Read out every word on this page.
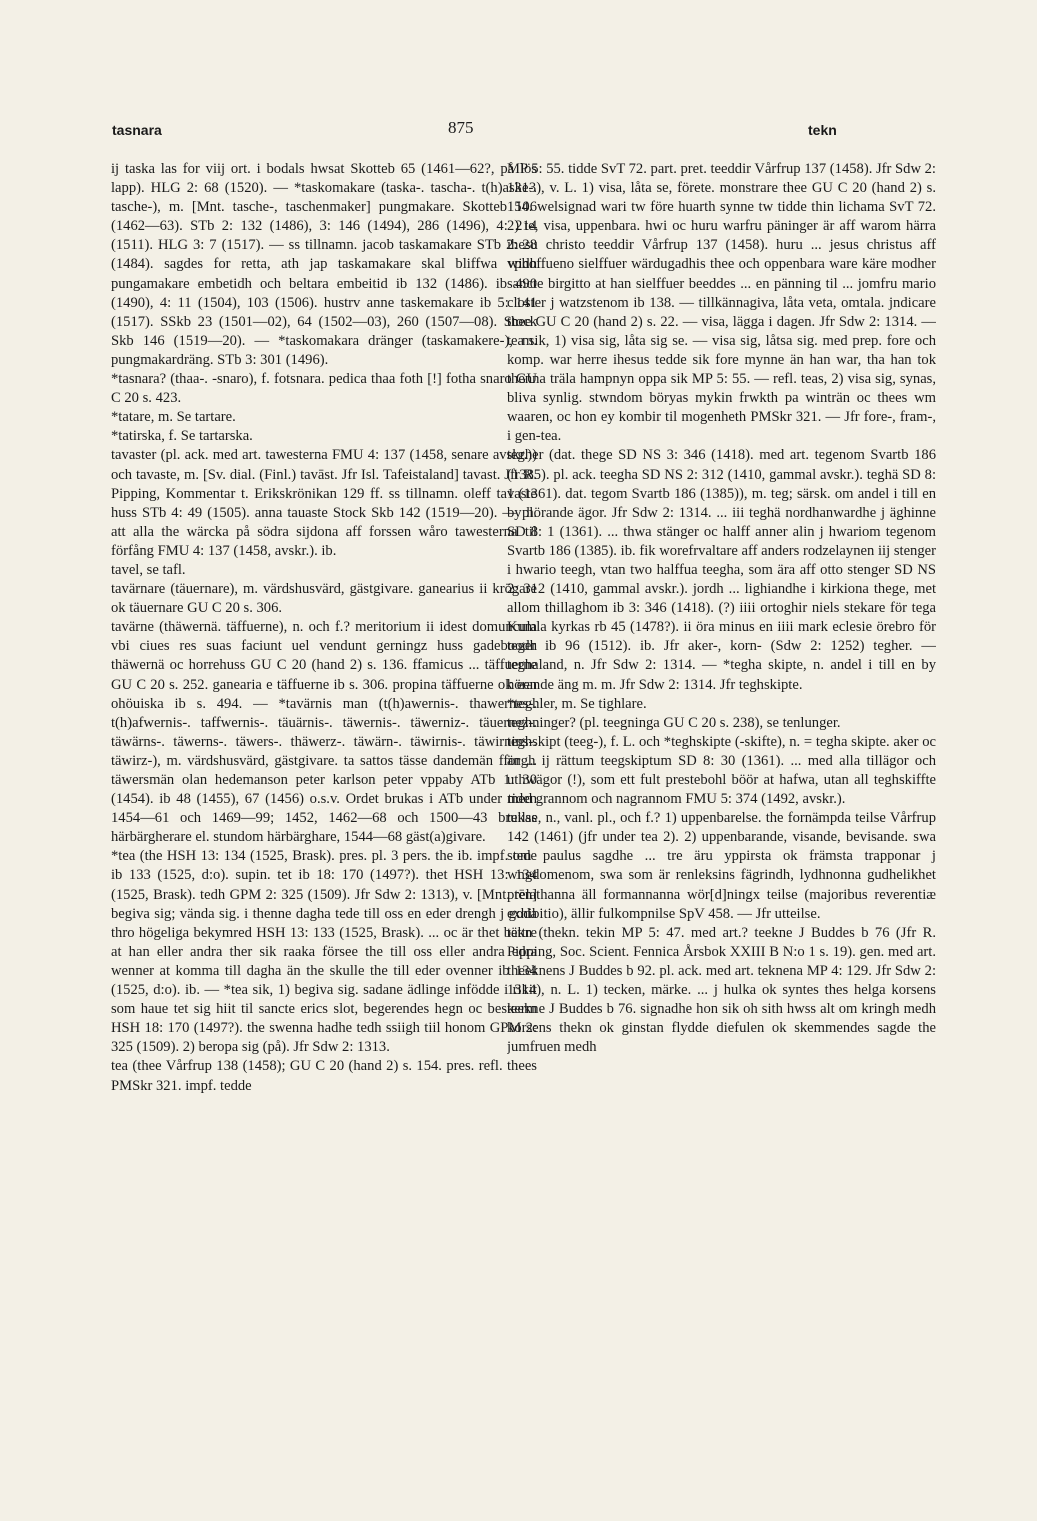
tasnara	875	tekn

ij taska las for viij ort. i bodals hwsat Skotteb 65 (1461—62?, på lös lapp). HLG 2: 68 (1520). — *taskomakare (taska-. tascha-. t(h)aske-. tasche-), m. [Mnt. tasche-, taschenmaker] pungmakare. Skotteb 106 (1462—63). STb 2: 132 (1486), 3: 146 (1494), 286 (1496), 4: 214 (1511). HLG 3: 7 (1517). — ss tillnamn. jacob taskamakare STb 2: 28 (1484). sagdes for retta, ath jap taskamakare skal bliffwa widh pungamakare embetidh och beltara embeitid ib 132 (1486). ib 490 (1490), 4: 11 (1504), 103 (1506). hustrv anne taskemakare ib 5: 141 (1517). SSkb 23 (1501—02), 64 (1502—03), 260 (1507—08). Stock Skb 146 (1519—20). — *taskomakara dränger (taskamakere-), m. pungmakardräng. STb 3: 301 (1496).

*tasnara? (thaa-. -snaro), f. fotsnara. pedica thaa foth [!] fotha snaro GU C 20 s. 423.

*tatare, m. Se tartare.

*tatirska, f. Se tartarska.

tavaster (pl. ack. med art. tawesterna FMU 4: 137 (1458, senare avskr.)) och tavaste, m. [Sv. dial. (Finl.) tavāst. Jfr Isl. Tafeistaland] tavast. Jfr R. Pipping, Kommentar t. Erikskrönikan 129 ff. ss tillnamn. oleff tavaste huss STb 4: 49 (1505). anna tauaste Stock Skb 142 (1519—20). — pl. att alla the wärcka på södra sijdona aff forssen wåro tawesterna til förfång FMU 4: 137 (1458, avskr.). ib.

tavel, se tafl.

tavärnare (täuernare), m. värdshusvärd, gästgivare. ganearius ii krögare ok täuernare GU C 20 s. 306.

tavärne (thäwernä. täffuerne), n. och f.? meritorium ii idest domuncula vbi ciues res suas faciunt uel vendunt gerningz huss gadeboodh thäwernä oc horrehuss GU C 20 (hand 2) s. 136. ffamicus ... täffuerne GU C 20 s. 252. ganearia e täffuerne ib s. 306. propina täffuerne ok een ohöuiska ib s. 494. — *tavärnis man (t(h)awernis-. thawernes-. t(h)afwernis-. taffwernis-. täuärnis-. täwernis-. täwerniz-. täuernez-. täwärns-. täwerns-. täwers-. thäwerz-. täwärn-. täwirnis-. täwirnins-. täwirz-), m. värdshusvärd, gästgivare. ta sattos tässe dandemän ffor ... täwersmän olan hedemanson peter karlson peter vppaby ATb 1: 30 (1454). ib 48 (1455), 67 (1456) o.s.v. Ordet brukas i ATb under tiden 1454—61 och 1469—99; 1452, 1462—68 och 1500—43 brukas härbärgherare el. stundom härbärghare, 1544—68 gäst(a)givare.

*tea (the HSH 13: 134 (1525, Brask). pres. pl. 3 pers. the ib. impf. tede ib 133 (1525, d:o). supin. tet ib 18: 170 (1497?). thet HSH 13: 134 (1525, Brask). tedh GPM 2: 325 (1509). Jfr Sdw 2: 1313), v. [Mnt. tēn] begiva sig; vända sig. i thenne dagha tede till oss en eder drengh j goda thro högeliga bekymred HSH 13: 133 (1525, Brask). ... oc är thet bättre at han eller andra ther sik raaka försee the till oss eller andra edra wenner at komma till dagha än the skulle the till eder ovenner ib 134 (1525, d:o). ib. — *tea sik, 1) begiva sig. sadane ädlinge infödde i rikit som haue tet sig hiit til sancte erics slot, begerendes hegn oc beskerm HSH 18: 170 (1497?). the swenna hadhe tedh ssiigh tiil honom GPM 2: 325 (1509). 2) beropa sig (på). Jfr Sdw 2: 1313.

tea (thee Vårfrup 138 (1458); GU C 20 (hand 2) s. 154. pres. refl. thees PMSkr 321. impf. tedde

MP 5: 55. tidde SvT 72. part. pret. teeddir Vårfrup 137 (1458). Jfr Sdw 2: 1313), v. L. 1) visa, låta se, förete. monstrare thee GU C 20 (hand 2) s. 154. welsignad wari tw före huarth synne tw tidde thin lichama SvT 72. 2) te, visa, uppenbara. hwi oc huru warfru päninger är aff warom härra ihesu christo teeddir Vårfrup 137 (1458). huru ... jesus christus aff vphoffueno sielffuer wärdugadhis thee och oppenbara ware käre modher sancte birgitto at han sielffuer beeddes ... en pänning til ... jomfru mario closter j watzstenom ib 138. — tillkännagiva, låta veta, omtala. jndicare thee GU C 20 (hand 2) s. 22. — visa, lägga i dagen. Jfr Sdw 2: 1314. — tea sik, 1) visa sig, låta sig se. — visa sig, låtsa sig. med prep. fore och komp. war herre ihesus tedde sik fore mynne än han war, tha han tok thenna träla hampnyn oppa sik MP 5: 55. — refl. teas, 2) visa sig, synas, bliva synlig. stwndom böryas mykin frwkth pa winträn oc thees wm waaren, oc hon ey kombir til mogenheth PMSkr 321. — Jfr fore-, fram-, i gen-tea.

tegher (dat. thege SD NS 3: 346 (1418). med art. tegenom Svartb 186 (1385). pl. ack. teegha SD NS 2: 312 (1410, gammal avskr.). teghä SD 8: 1 (1361). dat. tegom Svartb 186 (1385)), m. teg; särsk. om andel i till en by hörande ägor. Jfr Sdw 2: 1314. ... iii teghä nordhanwardhe j äghinne SD 8: 1 (1361). ... thwa stänger oc halff anner alin j hwariom tegenom Svartb 186 (1385). ib. fik worefrvaltare aff anders rodzelaynen iij stenger i hwario teegh, vtan two halffua teegha, som ära aff otto stenger SD NS 2: 312 (1410, gammal avskr.). jordh ... lighiandhe i kirkiona thege, met allom thillaghom ib 3: 346 (1418). (?) iiii ortoghir niels stekare för tega Kumla kyrkas rb 45 (1478?). ii öra minus en iiii mark eclesie örebro för teger ib 96 (1512). ib. Jfr aker-, korn- (Sdw 2: 1252) tegher. — teghaland, n. Jfr Sdw 2: 1314. — *tegha skipte, n. andel i till en by hörande äng m. m. Jfr Sdw 2: 1314. Jfr teghskipte.

*teghler, m. Se tighlare.

teghninger? (pl. teegninga GU C 20 s. 238), se tenlunger.

teghskipt (teeg-), f. L. och *teghskipte (-skifte), n. = tegha skipte. aker oc ängh ij rättum teegskiptum SD 8: 30 (1361). ... med alla tillägor och uthwägor (!), som ett fult prestebohl böör at hafwa, utan all teghskiffte med grannom och nagrannom FMU 5: 374 (1492, avskr.).

teilse, n., vanl. pl., och f.? 1) uppenbarelse. the fornämpda teilse Vårfrup 142 (1461) (jfr under tea 2). 2) uppenbarande, visande, bevisande. swa som paulus sagdhe ... tre äru yppirsta ok främsta trapponar j wngdomenom, swa som är renleksins fägrindh, lydhnonna gudhelikhet prelathanna äll formannanna wör[d]ningx teilse (majoribus reverentiæ exhibitio), ällir fulkompnilse SpV 458. — Jfr utteilse.

tekn (thekn. tekin MP 5: 47. med art.? teekne J Buddes b 76 (Jfr R. Pipping, Soc. Scient. Fennica Årsbok XXIII B N:o 1 s. 19). gen. med art. theeknens J Buddes b 92. pl. ack. med art. teknena MP 4: 129. Jfr Sdw 2: 1314), n. L. 1) tecken, märke. ... j hulka ok syntes thes helga korsens teekne J Buddes b 76. signadhe hon sik oh sith hwss alt om kringh medh korsens thekn ok ginstan flydde diefulen ok skemmendes sagde the jumfruen medh
